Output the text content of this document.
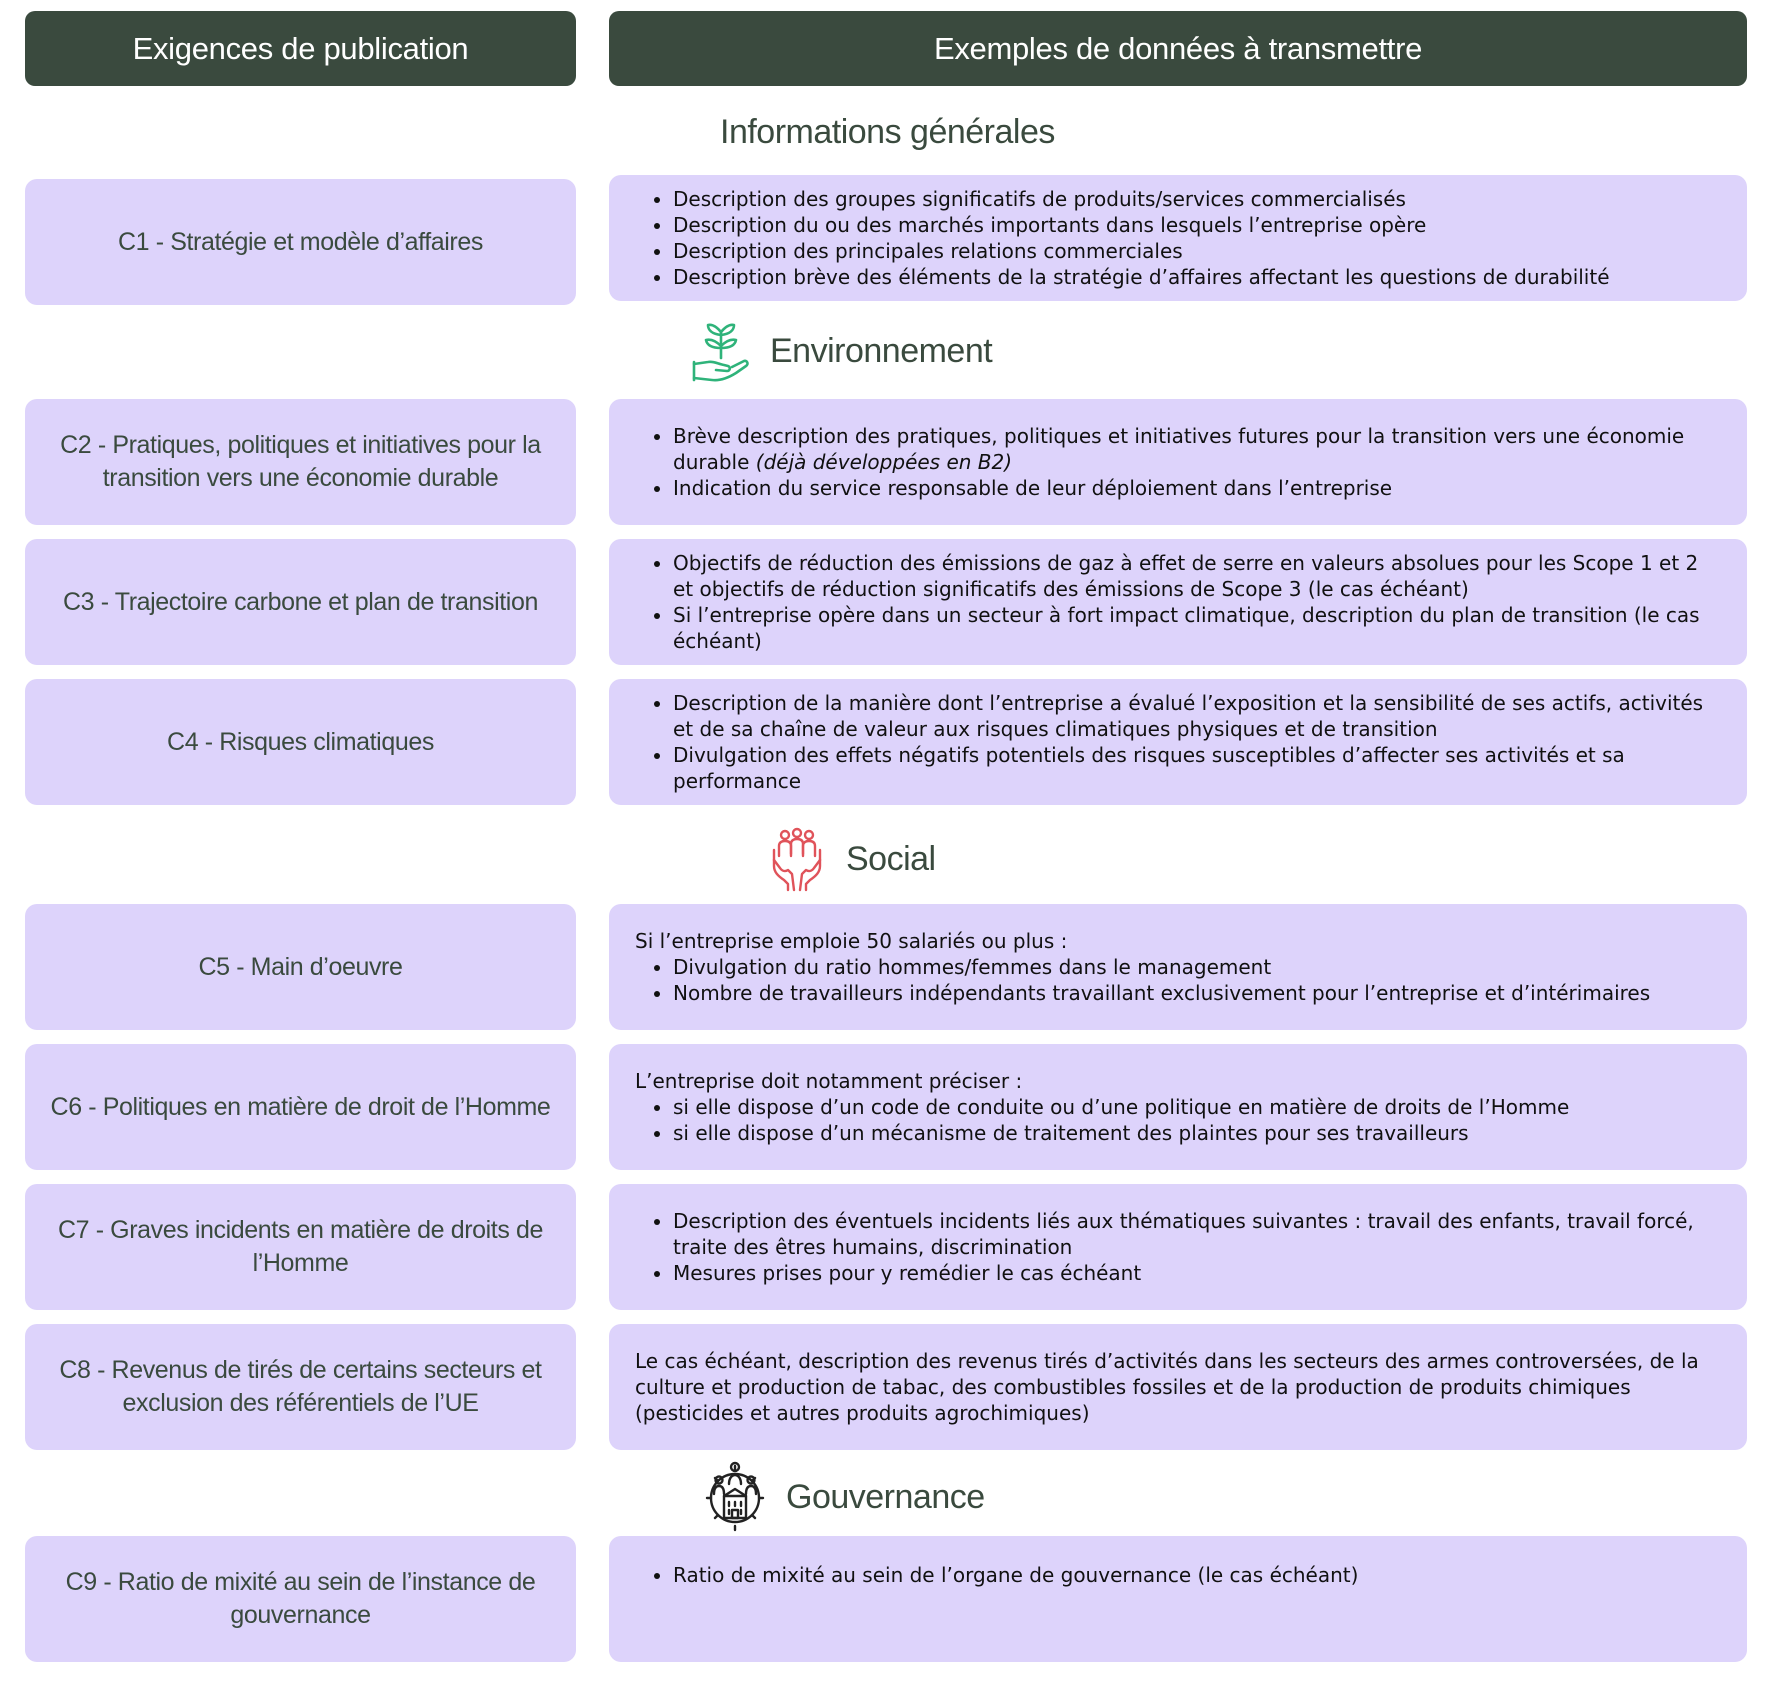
Exigences de publication	Exemples de données à transmettre
Informations générales
C1 - Stratégie et modèle d’affaires
• Description des groupes significatifs de produits/services commercialisés
• Description du ou des marchés importants dans lesquels l’entreprise opère
• Description des principales relations commerciales
• Description brève des éléments de la stratégie d’affaires affectant les questions de durabilité
Environnement
C2 - Pratiques, politiques et initiatives pour la transition vers une économie durable
• Brève description des pratiques, politiques et initiatives futures pour la transition vers une économie durable (déjà développées en B2)
• Indication du service responsable de leur déploiement dans l’entreprise
C3 - Trajectoire carbone et plan de transition
• Objectifs de réduction des émissions de gaz à effet de serre en valeurs absolues pour les Scope 1 et 2 et objectifs de réduction significatifs des émissions de Scope 3 (le cas échéant)
• Si l’entreprise opère dans un secteur à fort impact climatique, description du plan de transition (le cas échéant)
C4 - Risques climatiques
• Description de la manière dont l’entreprise a évalué l’exposition et la sensibilité de ses actifs, activités et de sa chaîne de valeur aux risques climatiques physiques et de transition
• Divulgation des effets négatifs potentiels des risques susceptibles d’affecter ses activités et sa performance
Social
C5 - Main d’oeuvre

Si l’entreprise emploie 50 salariés ou plus :

• Divulgation du ratio hommes/femmes dans le management
• Nombre de travailleurs indépendants travaillant exclusivement pour l’entreprise et d’intérimaires
C6 - Politiques en matière de droit de l’Homme

L’entreprise doit notamment préciser :

• si elle dispose d’un code de conduite ou d’une politique en matière de droits de l’Homme
• si elle dispose d’un mécanisme de traitement des plaintes pour ses travailleurs
C7 - Graves incidents en matière de droits de l’Homme
• Description des éventuels incidents liés aux thématiques suivantes : travail des enfants, travail forcé, traite des êtres humains, discrimination
• Mesures prises pour y remédier le cas échéant
C8 - Revenus de tirés de certains secteurs et exclusion des référentiels de l’UE

Le cas échéant, description des revenus tirés d’activités dans les secteurs des armes controversées, de la culture et production de tabac, des combustibles fossiles et de la production de produits chimiques (pesticides et autres produits agrochimiques)

Gouvernance
C9 - Ratio de mixité au sein de l’instance de gouvernance
• Ratio de mixité au sein de l’organe de gouvernance (le cas échéant)
